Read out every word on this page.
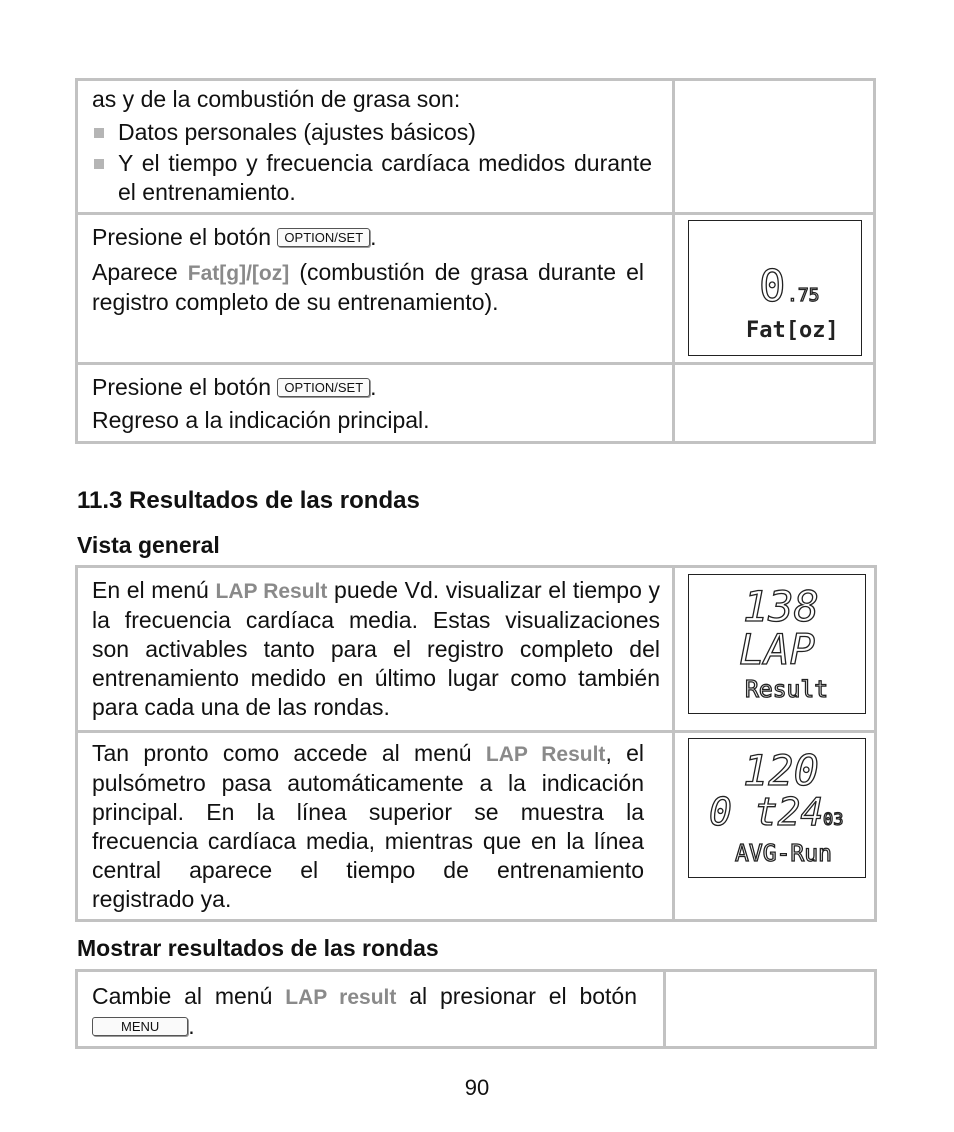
as y de la combustión de grasa son:
Datos personales (ajustes básicos)
Y el tiempo y frecuencia cardíaca medidos durante el entrenamiento.
Presione el botón OPTION/SET .
Aparece Fat[g]/[oz] (combustión de grasa durante el registro completo de su entrenamiento).	0 .75
Fat[oz]
Presione el botón OPTION/SET .
Regreso a la indicación principal.
11.3 Resultados de las rondas
Vista general
En el menú LAP Result puede Vd. visualizar el tiempo y la frecuencia cardíaca media. Estas visualizaciones son activables tanto para el registro completo del entrenamiento medido en último lugar como también para cada una de las rondas.
138
LAP
Result
Tan pronto como accede al menú LAP Result, el pulsómetro pasa automáticamente a la indicación principal. En la línea superior se muestra la frecuencia cardíaca media, mientras que en la línea central aparece el tiempo de entrenamiento registrado ya.
120
0 t24 03
AVG-Run
Mostrar resultados de las rondas
Cambie al menú LAP result al presionar el botón MENU .
90
